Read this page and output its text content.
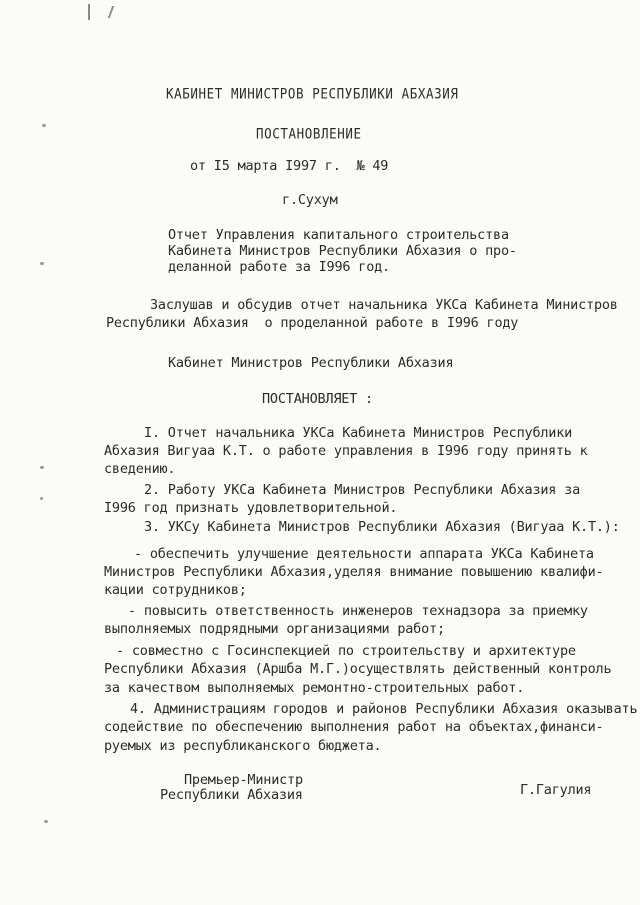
КАБИНЕТ МИНИСТРОВ РЕСПУБЛИКИ АБХАЗИЯ
ПОСТАНОВЛЕНИЕ
от I5 марта I997 г.  № 49
г.Сухум
Отчет Управления капитального строительства
Кабинета Министров Республики Абхазия о про-
деланной работе за I996 год.
Заслушав и обсудив отчет начальника УКСа Кабинета Министров
Республики Абхазия  о проделанной работе в I996 году
Кабинет Министров Республики Абхазия
ПОСТАНОВЛЯЕТ :
I. Отчет начальника УКСа Кабинета Министров Республики
Абхазия Вигуаа К.Т. о работе управления в I996 году принять к
сведению.
2. Работу УКСа Кабинета Министров Республики Абхазия за
I996 год признать удовлетворительной.
3. УКСу Кабинета Министров Республики Абхазия (Вигуаа К.Т.):
- обеспечить улучшение деятельности аппарата УКСа Кабинета
Министров Республики Абхазия,уделяя внимание повышению квалифи-
кации сотрудников;
- повысить ответственность инженеров технадзора за приемку
выполняемых подрядными организациями работ;
- совместно с Госинспекцией по строительству и архитектуре
Республики Абхазия (Аршба М.Г.)осуществлять действенный контроль
за качеством выполняемых ремонтно-строительных работ.
4. Администрациям городов и районов Республики Абхазия оказывать
содействие по обеспечению выполнения работ на объектах,финанси-
руемых из республиканского бюджета.
Премьер-Министр
Республики Абхазия	Г.Гагулия
